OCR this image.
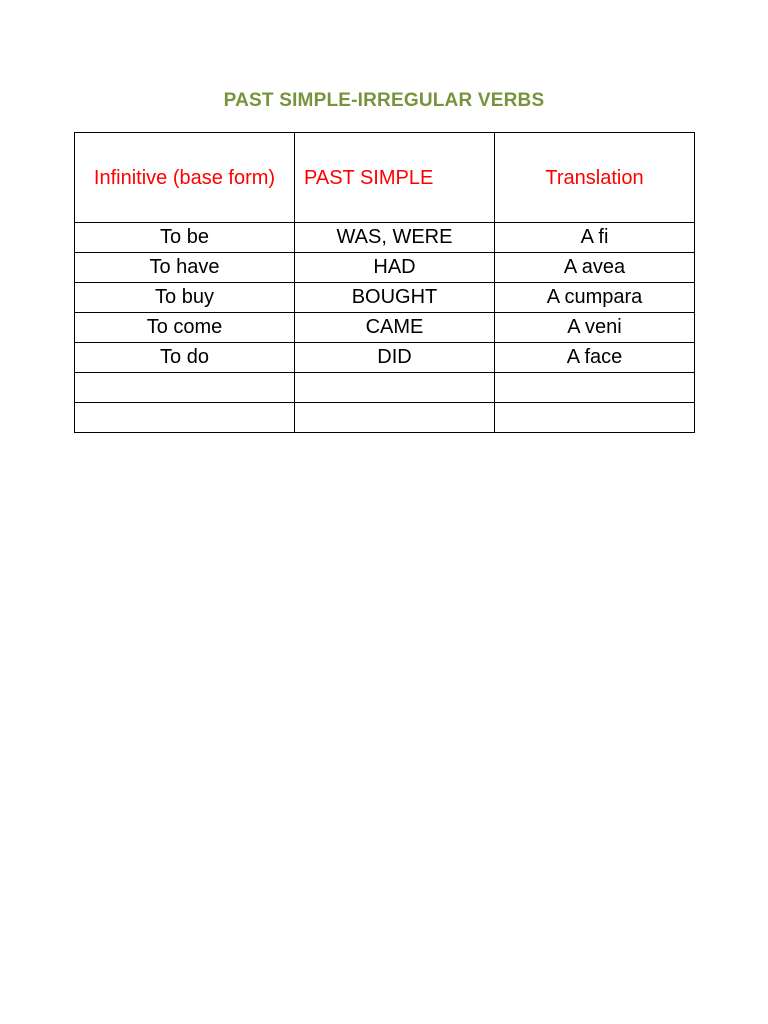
PAST SIMPLE-IRREGULAR VERBS
Infinitive (base form)	PAST SIMPLE	Translation
To be	WAS, WERE	A fi
To have	HAD	A avea
To buy	BOUGHT	A cumpara
To come	CAME	A veni
To do	DID	A face
